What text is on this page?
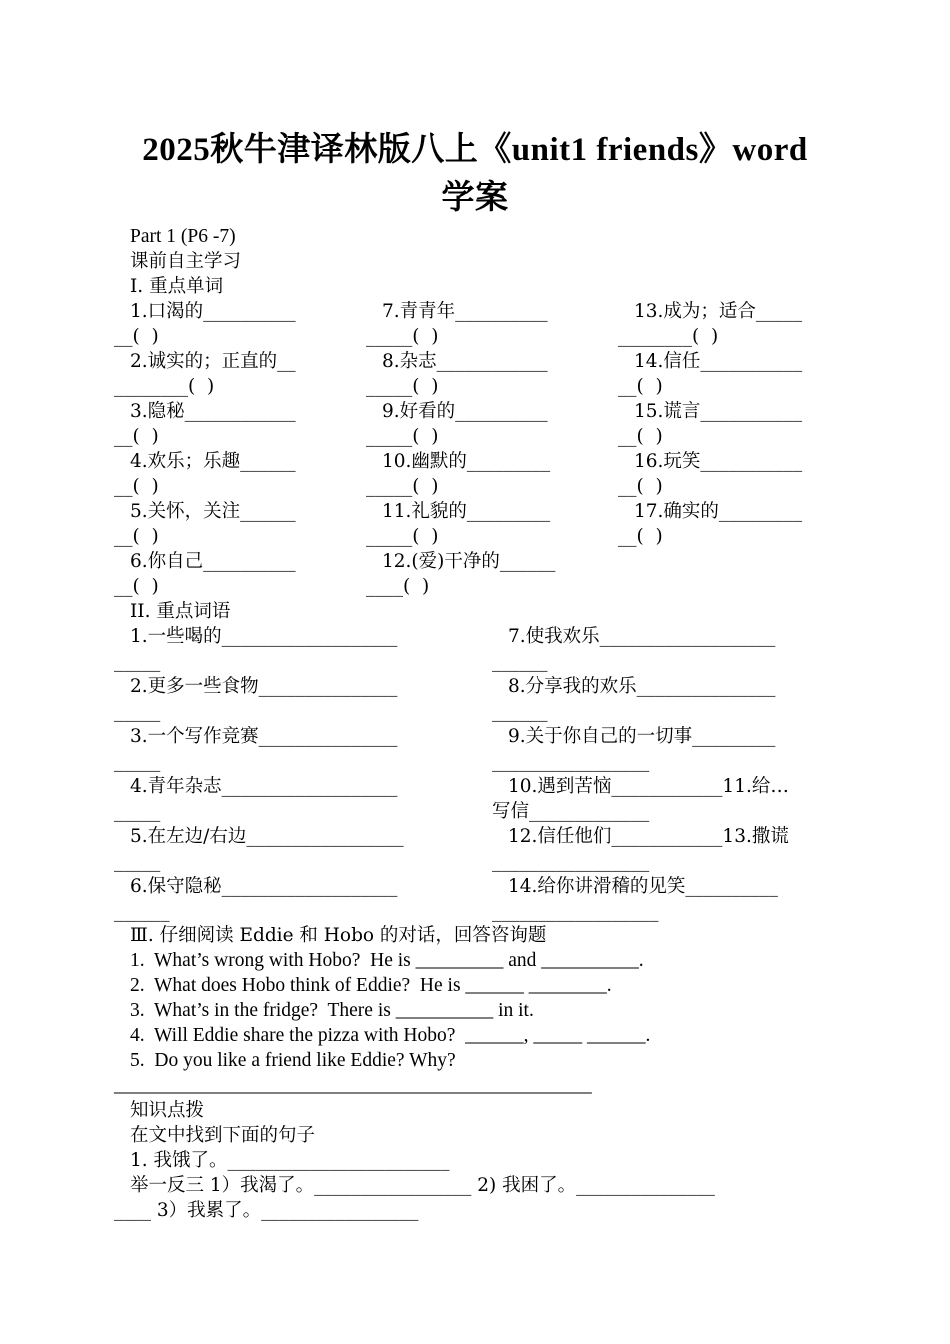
2025秋牛津译林版八上《unit1 friends》word
学案
Part 1 (P6 -7)
课前自主学习
I. 重点单词
1.口渴的__________
__(  )
2.诚实的；正直的__
________(  )
3.隐秘____________
__(  )
4.欢乐；乐趣______
__(  )
5.关怀，关注______
__(  )
6.你自己__________
__(  )
7.青青年__________
_____(  )
8.杂志____________
_____(  )
9.好看的__________
_____(  )
10.幽默的_________
_____(  )
11.礼貌的_________
_____(  )
12.(爱)干净的______
____(  )
13.成为；适合_____
________(  )
14.信任___________
__(  )
15.谎言___________
__(  )
16.玩笑___________
__(  )
17.确实的_________
__(  )
II. 重点词语
1.一些喝的___________________
_____
2.更多一些食物_______________
_____
3.一个写作竞赛_______________
_____
4.青年杂志___________________
_____
5.在左边/右边_________________
_____
6.保守隐秘___________________
______
7.使我欢乐___________________
______
8.分享我的欢乐_______________
______
9.关于你自己的一切事_________
_________________
10.遇到苦恼____________11.给…
写信_____________
12.信任他们____________13.撒谎
_________________
14.给你讲滑稽的见笑__________
__________________
Ⅲ. 仔细阅读 Eddie 和 Hobo 的对话，回答咨询题
1.  What’s wrong with Hobo?  He is _________ and __________.
2.  What does Hobo think of Eddie?  He is ______ ________.
3.  What’s in the fridge?  There is __________ in it.
4.  Will Eddie share the pizza with Hobo?  ______, _____ ______.
5.  Do you like a friend like Eddie? Why?
_________________________________________________
知识点拨
在文中找到下面的句子
1. 我饿了。________________________
举一反三 1）我渴了。_________________ 2) 我困了。_______________
____ 3）我累了。_________________
